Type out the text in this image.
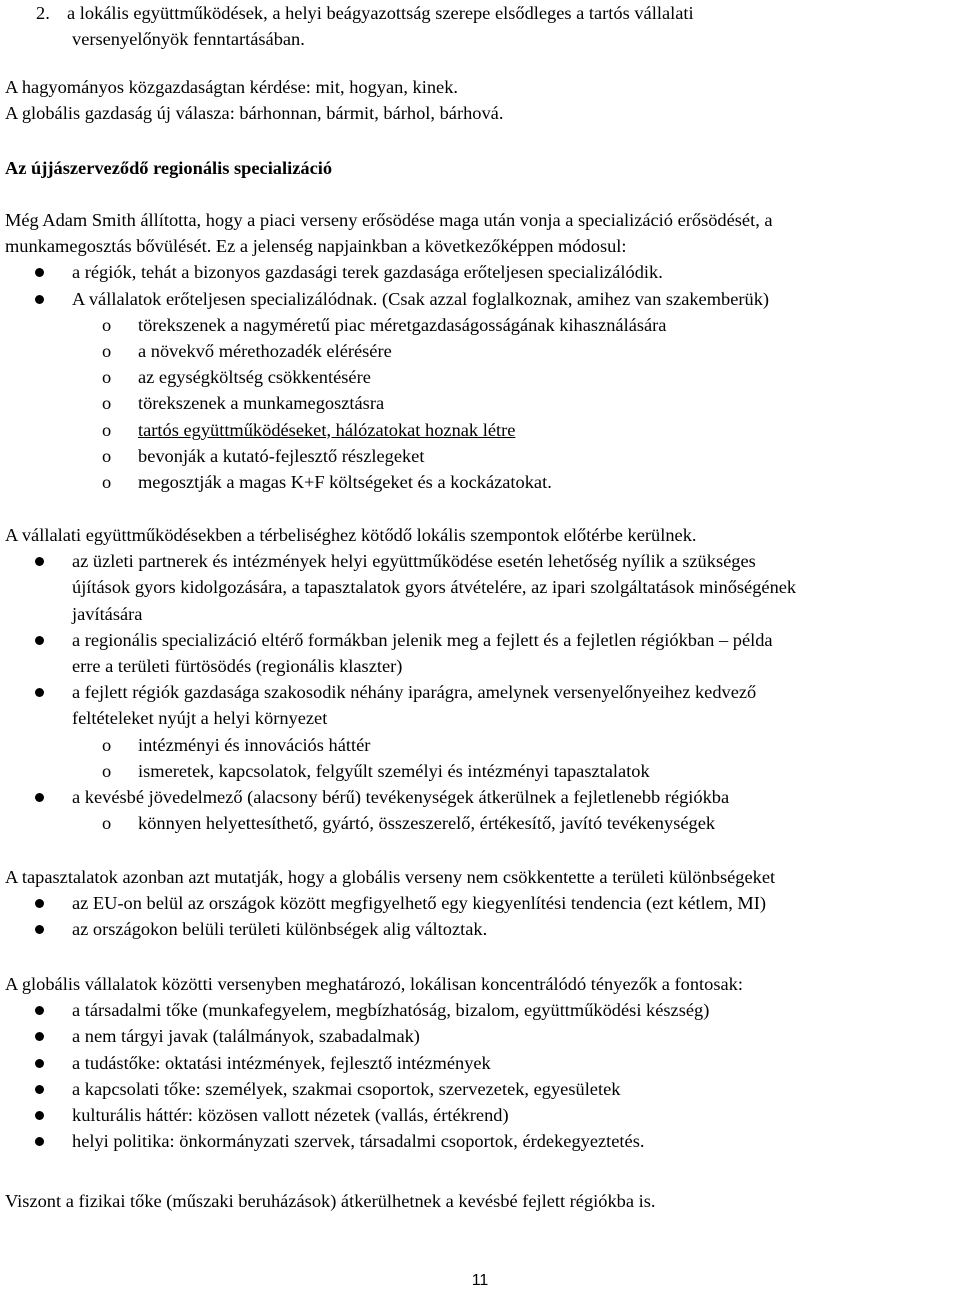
2. a lokális együttműködések, a helyi beágyazottság szerepe elsődleges a tartós vállalati
versenyelőnyök fenntartásában.
A hagyományos közgazdaságtan kérdése: mit, hogyan, kinek.
A globális gazdaság új válasza: bárhonnan, bármit, bárhol, bárhová.
Az újjászerveződő regionális specializáció
Még Adam Smith állította, hogy a piaci verseny erősödése maga után vonja a specializáció erősödését, a
munkamegosztás bővülését. Ez a jelenség napjainkban a következőképpen módosul:
a régiók, tehát a bizonyos gazdasági terek gazdasága erőteljesen specializálódik.
A vállalatok erőteljesen specializálódnak. (Csak azzal foglalkoznak, amihez van szakemberük)
o törekszenek a nagyméretű piac méretgazdaságosságának kihasználására
o a növekvő mérethozadék elérésére
o az egységköltség csökkentésére
o törekszenek a munkamegosztásra
o tartós együttműködéseket, hálózatokat hoznak létre
o bevonják a kutató-fejlesztő részlegeket
o megosztják a magas K+F költségeket és a kockázatokat.
A vállalati együttműködésekben a térbeliséghez kötődő lokális szempontok előtérbe kerülnek.
az üzleti partnerek és intézmények helyi együttműködése esetén lehetőség nyílik a szükséges
újítások gyors kidolgozására, a tapasztalatok gyors átvételére, az ipari szolgáltatások minőségének
javítására
a regionális specializáció eltérő formákban jelenik meg a fejlett és a fejletlen régiókban – példa
erre a területi fürtösödés (regionális klaszter)
a fejlett régiók gazdasága szakosodik néhány iparágra, amelynek versenyelőnyeihez kedvező
feltételeket nyújt a helyi környezet
o intézményi és innovációs háttér
o ismeretek, kapcsolatok, felgyűlt személyi és intézményi tapasztalatok
a kevésbé jövedelmező (alacsony bérű) tevékenységek átkerülnek a fejletlenebb régiókba
o könnyen helyettesíthető, gyártó, összeszerelő, értékesítő, javító tevékenységek
A tapasztalatok azonban azt mutatják, hogy a globális verseny nem csökkentette a területi különbségeket
az EU-on belül az országok között megfigyelhető egy kiegyenlítési tendencia (ezt kétlem, MI)
az országokon belüli területi különbségek alig változtak.
A globális vállalatok közötti versenyben meghatározó, lokálisan koncentrálódó tényezők a fontosak:
a társadalmi tőke (munkafegyelem, megbízhatóság, bizalom, együttműködési készség)
a nem tárgyi javak (találmányok, szabadalmak)
a tudástőke: oktatási intézmények, fejlesztő intézmények
a kapcsolati tőke: személyek, szakmai csoportok, szervezetek, egyesületek
kulturális háttér: közösen vallott nézetek (vallás, értékrend)
helyi politika: önkormányzati szervek, társadalmi csoportok, érdekegyeztetés.
Viszont a fizikai tőke (műszaki beruházások) átkerülhetnek a kevésbé fejlett régiókba is.
11
